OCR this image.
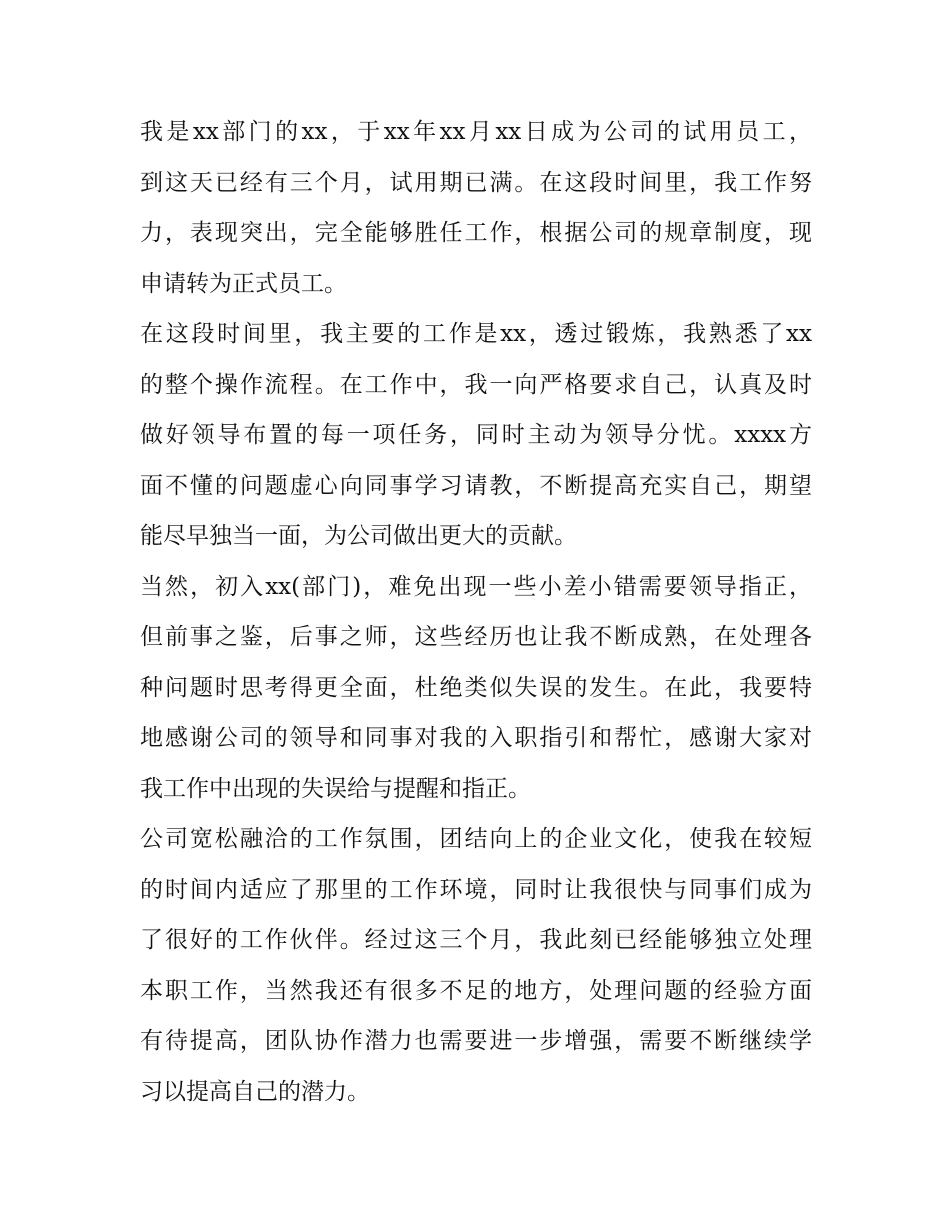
我是xx部门的xx，于xx年xx月xx日成为公司的试用员工，
到这天已经有三个月，试用期已满。在这段时间里，我工作努
力，表现突出，完全能够胜任工作，根据公司的规章制度，现
申请转为正式员工。
在这段时间里，我主要的工作是xx，透过锻炼，我熟悉了xx
的整个操作流程。在工作中，我一向严格要求自己，认真及时
做好领导布置的每一项任务，同时主动为领导分忧。xxxx方
面不懂的问题虚心向同事学习请教，不断提高充实自己，期望
能尽早独当一面，为公司做出更大的贡献。
当然，初入xx(部门)，难免出现一些小差小错需要领导指正，
但前事之鉴，后事之师，这些经历也让我不断成熟，在处理各
种问题时思考得更全面，杜绝类似失误的发生。在此，我要特
地感谢公司的领导和同事对我的入职指引和帮忙，感谢大家对
我工作中出现的失误给与提醒和指正。
公司宽松融洽的工作氛围，团结向上的企业文化，使我在较短
的时间内适应了那里的工作环境，同时让我很快与同事们成为
了很好的工作伙伴。经过这三个月，我此刻已经能够独立处理
本职工作，当然我还有很多不足的地方，处理问题的经验方面
有待提高，团队协作潜力也需要进一步增强，需要不断继续学
习以提高自己的潜力。
